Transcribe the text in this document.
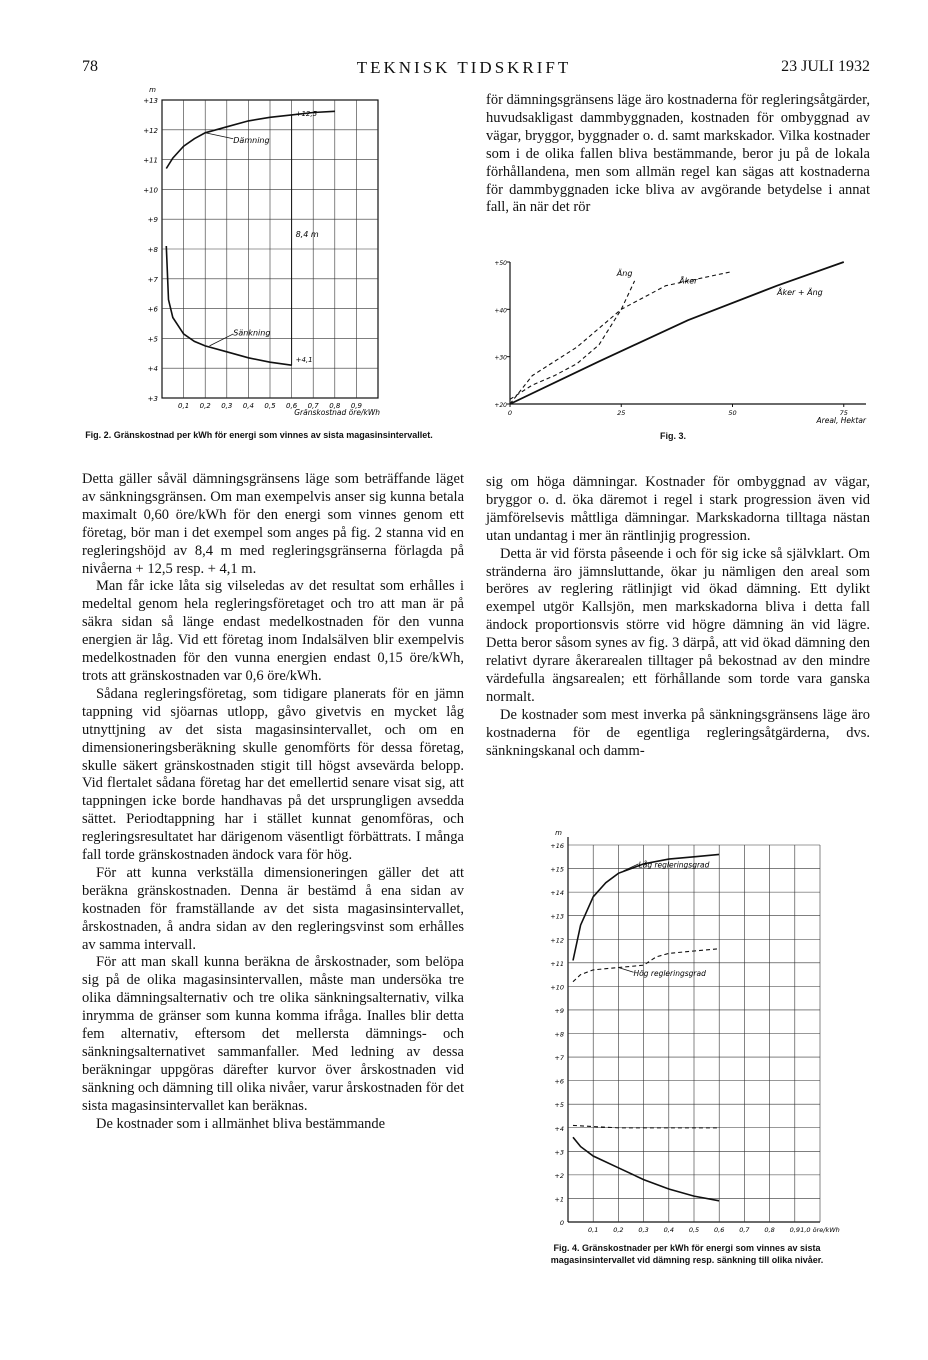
78	TEKNISK TIDSKRIFT	23 JULI 1932
+13
+12
+11
+10
+9
+8
+7
+6
+5
+4
+3
m
0,1 0,2 0,3 0,4 0,5 0,6 0,7 0,8 0,9
Gränskostnad öre/kWh
8,4 m
+12,5
+4,1
Dämning
Sänkning
Fig. 2. Gränskostnad per kWh för energi som vinnes av sista magasinsintervallet.
+50
+40
+30
+20
0	25	50	75
Areal, Hektar
Äng
Åker
Åker + Äng
Fig. 3.
+16
+15
+14
+13
+12
+11
+10
+9
+8
+7
+6
+5
+4
+3
+2
+1
0
m
0,1 0,2 0,3 0,4 0,5 0,6 0,7 0,8 0,9 1,0 öre/kWh
Låg regleringsgrad
Hög regleringsgrad
Fig. 4. Gränskostnader per kWh för energi som vinnes av sista magasinsintervallet vid dämning resp. sänkning till olika nivåer.

för dämningsgränsens läge äro kostnaderna för regleringsåtgärder, huvudsakligast dammbyggnaden, kostnaden för ombyggnad av vägar, bryggor, byggnader o. d. samt markskador. Vilka kostnader som i de olika fallen bliva bestämmande, beror ju på de lokala förhållandena, men som allmän regel kan sägas att kostnaderna för dammbyggnaden icke bliva av avgörande betydelse i annat fall, än när det rör

Detta gäller såväl dämningsgränsens läge som beträffande läget av sänkningsgränsen. Om man exempelvis anser sig kunna betala maximalt 0,60 öre/kWh för den energi som vinnes genom ett företag, bör man i det exempel som anges på fig. 2 stanna vid en regleringshöjd av 8,4 m med regleringsgränserna förlagda på nivåerna + 12,5 resp. + 4,1 m.

Man får icke låta sig vilseledas av det resultat som erhålles i medeltal genom hela regleringsföretaget och tro att man är på säkra sidan så länge endast medelkostnaden för den vunna energien är låg. Vid ett företag inom Indalsälven blir exempelvis medelkostnaden för den vunna energien endast 0,15 öre/kWh, trots att gränskostnaden var 0,6 öre/kWh.

Sådana regleringsföretag, som tidigare planerats för en jämn tappning vid sjöarnas utlopp, gåvo givetvis en mycket låg utnyttjning av det sista magasinsintervallet, och om en dimensioneringsberäkning skulle genomförts för dessa företag, skulle säkert gränskostnaden stigit till högst avsevärda belopp. Vid flertalet sådana företag har det emellertid senare visat sig, att tappningen icke borde handhavas på det ursprungligen avsedda sättet. Periodtappning har i stället kunnat genomföras, och regleringsresultatet har därigenom väsentligt förbättrats. I många fall torde gränskostnaden ändock vara för hög.

För att kunna verkställa dimensioneringen gäller det att beräkna gränskostnaden. Denna är bestämd å ena sidan av kostnaden för framställande av det sista magasinsintervallet, årskostnaden, å andra sidan av den regleringsvinst som erhålles av samma intervall.

För att man skall kunna beräkna de årskostnader, som belöpa sig på de olika magasinsintervallen, måste man undersöka tre olika dämningsalternativ och tre olika sänkningsalternativ, vilka inrymma de gränser som kunna komma ifråga. Inalles blir detta fem alternativ, eftersom det mellersta dämnings- och sänkningsalternativet sammanfaller. Med ledning av dessa beräkningar uppgöras därefter kurvor över årskostnaden vid sänkning och dämning till olika nivåer, varur årskostnaden för det sista magasinsintervallet kan beräknas.

De kostnader som i allmänhet bliva bestämmande

sig om höga dämningar. Kostnader för ombyggnad av vägar, bryggor o. d. öka däremot i regel i stark progression även vid jämförelsevis måttliga dämningar. Markskadorna tilltaga nästan utan undantag i mer än räntlinjig progression.

Detta är vid första påseende i och för sig icke så självklart. Om stränderna äro jämnsluttande, ökar ju nämligen den areal som beröres av reglering rätlinjigt vid ökad dämning. Ett dylikt exempel utgör Kallsjön, men markskadorna bliva i detta fall ändock proportionsvis större vid högre dämning än vid lägre. Detta beror såsom synes av fig. 3 därpå, att vid ökad dämning den relativt dyrare åkerarealen tilltager på bekostnad av den mindre värdefulla ängsarealen; ett förhållande som torde vara ganska normalt.

De kostnader som mest inverka på sänkningsgränsens läge äro kostnaderna för de egentliga regleringsåtgärderna, dvs. sänkningskanal och damm-
